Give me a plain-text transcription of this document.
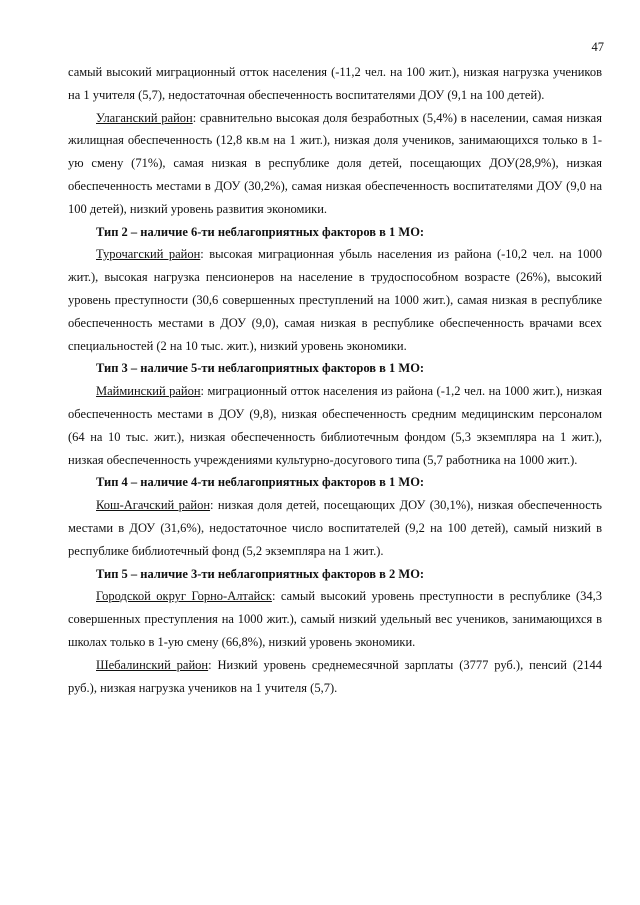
47

самый высокий миграционный отток населения (-11,2 чел. на 100 жит.), низкая нагрузка учеников на 1 учителя (5,7), недостаточная обеспеченность воспитателями ДОУ (9,1 на 100 детей).

Улаганский район: сравнительно высокая доля безработных (5,4%) в населении, самая низкая жилищная обеспеченность (12,8 кв.м на 1 жит.), низкая доля учеников, занимающихся только в 1-ую смену (71%), самая низкая в республике доля детей, посещающих ДОУ(28,9%), низкая обеспеченность местами в ДОУ (30,2%), самая низкая обеспеченность воспитателями ДОУ (9,0 на 100 детей), низкий уровень развития экономики.

Тип 2 – наличие 6-ти неблагоприятных факторов в 1 МО:

Турочагский район: высокая миграционная убыль населения из района (-10,2 чел. на 1000 жит.), высокая нагрузка пенсионеров на население в трудоспособном возрасте (26%), высокий уровень преступности (30,6 совершенных преступлений на 1000 жит.), самая низкая в республике обеспеченность местами в ДОУ (9,0), самая низкая в республике обеспеченность врачами всех специальностей (2 на 10 тыс. жит.), низкий уровень экономики.

Тип 3 – наличие 5-ти неблагоприятных факторов в 1 МО:

Майминский район: миграционный отток населения из района (-1,2 чел. на 1000 жит.), низкая обеспеченность местами в ДОУ (9,8), низкая обеспеченность средним медицинским персоналом (64 на 10 тыс. жит.), низкая обеспеченность библиотечным фондом (5,3 экземпляра на 1 жит.), низкая обеспеченность учреждениями культурно-досугового типа (5,7 работника на 1000 жит.).

Тип 4 – наличие 4-ти неблагоприятных факторов в 1 МО:

Кош-Агачский район: низкая доля детей, посещающих ДОУ (30,1%), низкая обеспеченность местами в ДОУ (31,6%), недостаточное число воспитателей (9,2 на 100 детей), самый низкий в республике библиотечный фонд (5,2 экземпляра на 1 жит.).

Тип 5 – наличие 3-ти неблагоприятных факторов в 2 МО:

Городской округ Горно-Алтайск: самый высокий уровень преступности в республике (34,3 совершенных преступления на 1000 жит.), самый низкий удельный вес учеников, занимающихся в школах только в 1-ую смену (66,8%), низкий уровень экономики.

Шебалинский район: Низкий уровень среднемесячной зарплаты (3777 руб.), пенсий (2144 руб.), низкая нагрузка учеников на 1 учителя (5,7).
